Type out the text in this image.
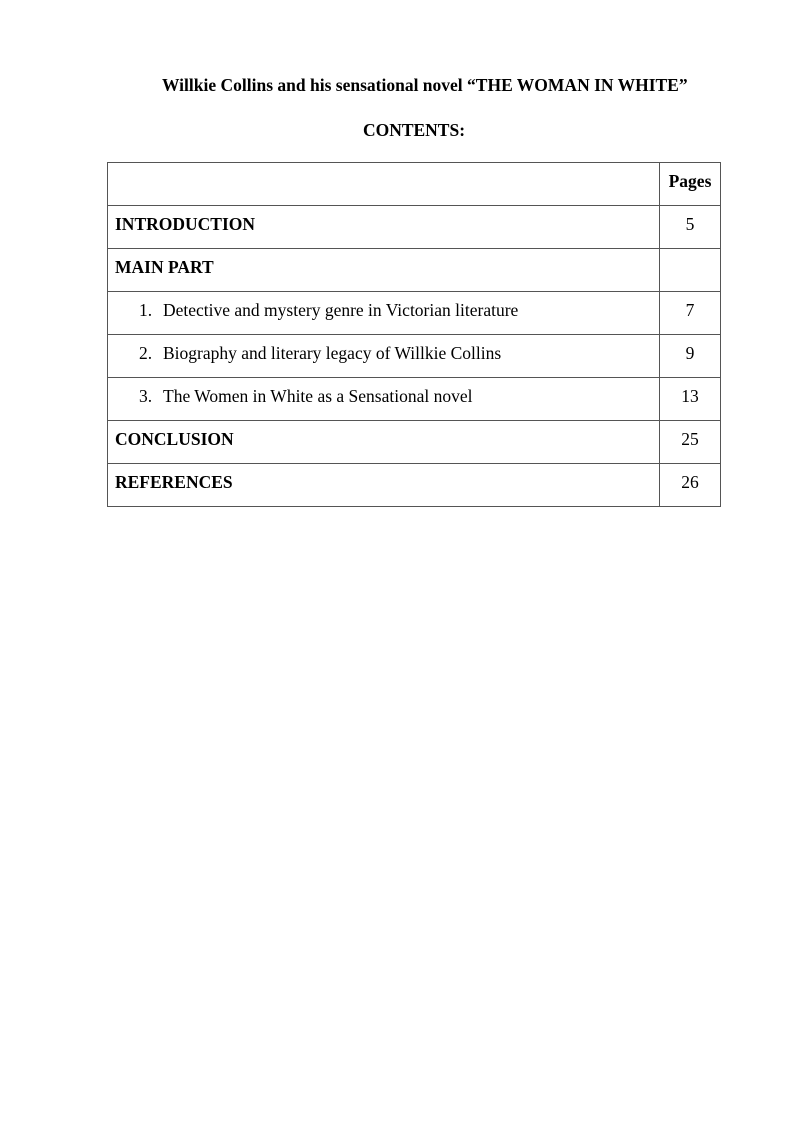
Willkie Collins and his sensational novel “THE WOMAN IN WHITE”
CONTENTS:
	Pages
INTRODUCTION	5
MAIN PART	
1. Detective and mystery genre in Victorian literature	7
2. Biography and literary legacy of Willkie Collins	9
3. The Women in White as a Sensational novel	13
CONCLUSION	25
REFERENCES	26
